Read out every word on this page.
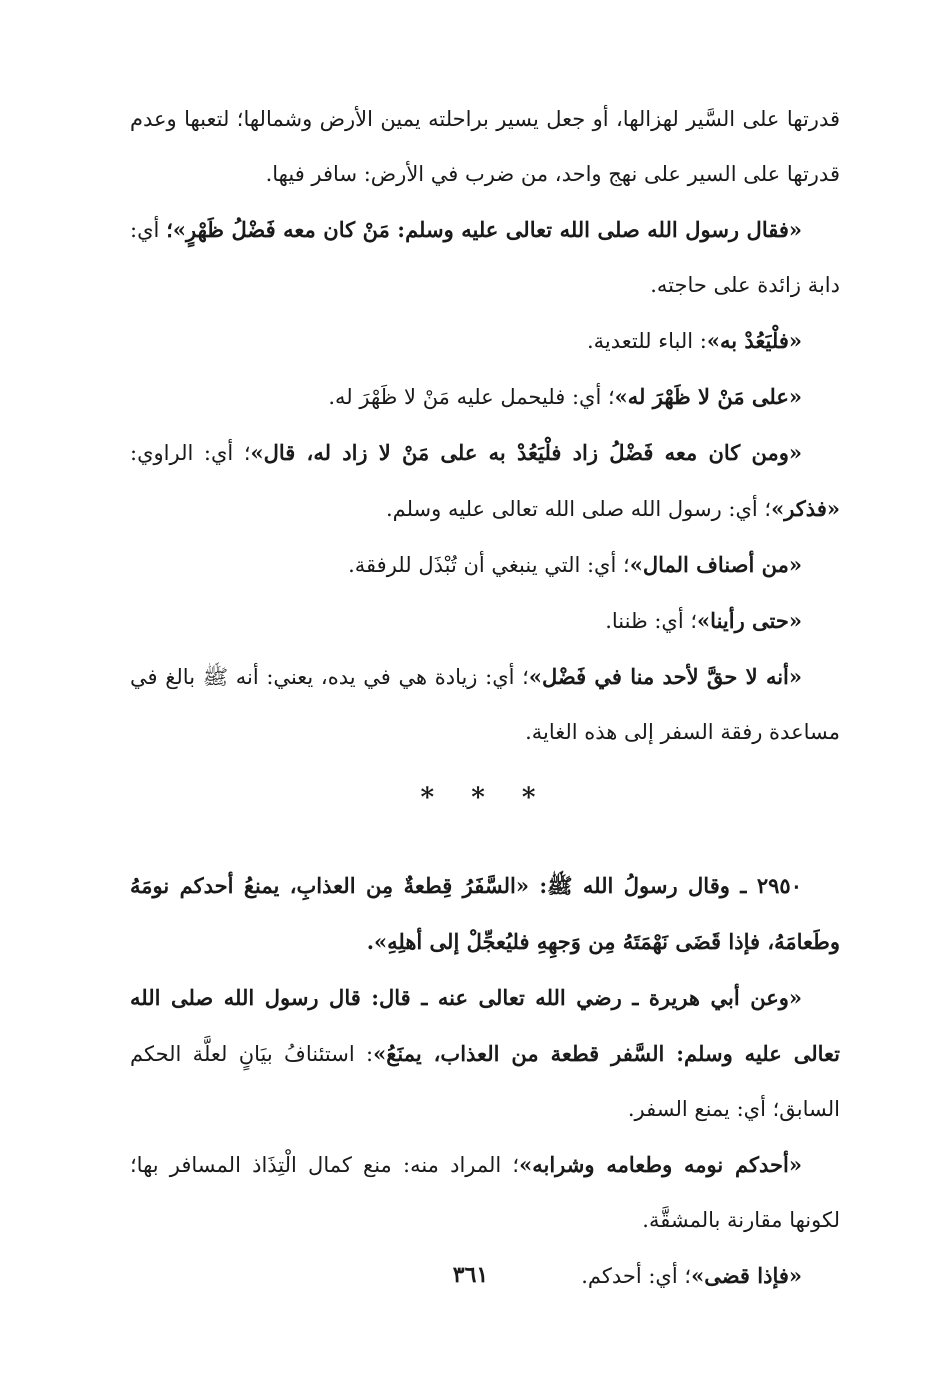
قدرتها على السَّير لهزالها، أو جعل يسير براحلته يمين الأرض وشمالها؛ لتعبها وعدم قدرتها على السير على نهج واحد، من ضرب في الأرض: سافر فيها.

«فقال رسول الله صلى الله تعالى عليه وسلم: مَنْ كان معه فَضْلُ ظَهْرٍ»؛ أي: دابة زائدة على حاجته.

«فلْيَعُدْ به»: الباء للتعدية.

«على مَنْ لا ظَهْرَ له»؛ أي: فليحمل عليه مَنْ لا ظَهْرَ له.

«ومن كان معه فَضْلُ زاد فلْيَعُدْ به على مَنْ لا زاد له، قال»؛ أي: الراوي: «فذكر»؛ أي: رسول الله صلى الله تعالى عليه وسلم.

«من أصناف المال»؛ أي: التي ينبغي أن تُبْذَل للرفقة.

«حتى رأينا»؛ أي: ظننا.

«أنه لا حقَّ لأحد منا في فَضْل»؛ أي: زيادة هي في يده، يعني: أنه ﷺ بالغ في مساعدة رفقة السفر إلى هذه الغاية.

* * *

٢٩٥٠ ـ وقال رسولُ الله ﷺ: «السَّفَرُ قِطعةٌ مِن العذابِ، يمنعُ أحدكم نومَهُ وطَعامَهُ، فإذا قَضَى نَهْمَتَهُ مِن وَجهِهِ فليُعجِّلْ إلى أهلِهِ».

«وعن أبي هريرة ـ رضي الله تعالى عنه ـ قال: قال رسول الله صلى الله تعالى عليه وسلم: السَّفر قطعة من العذاب، يمنَعُ»: استئنافُ بيَانٍ لعلَّة الحكم السابق؛ أي: يمنع السفر.

«أحدكم نومه وطعامه وشرابه»؛ المراد منه: منع كمال الْتِذَاذ المسافر بها؛ لكونها مقارنة بالمشقَّة.

«فإذا قضى»؛ أي: أحدكم.

٣٦١
